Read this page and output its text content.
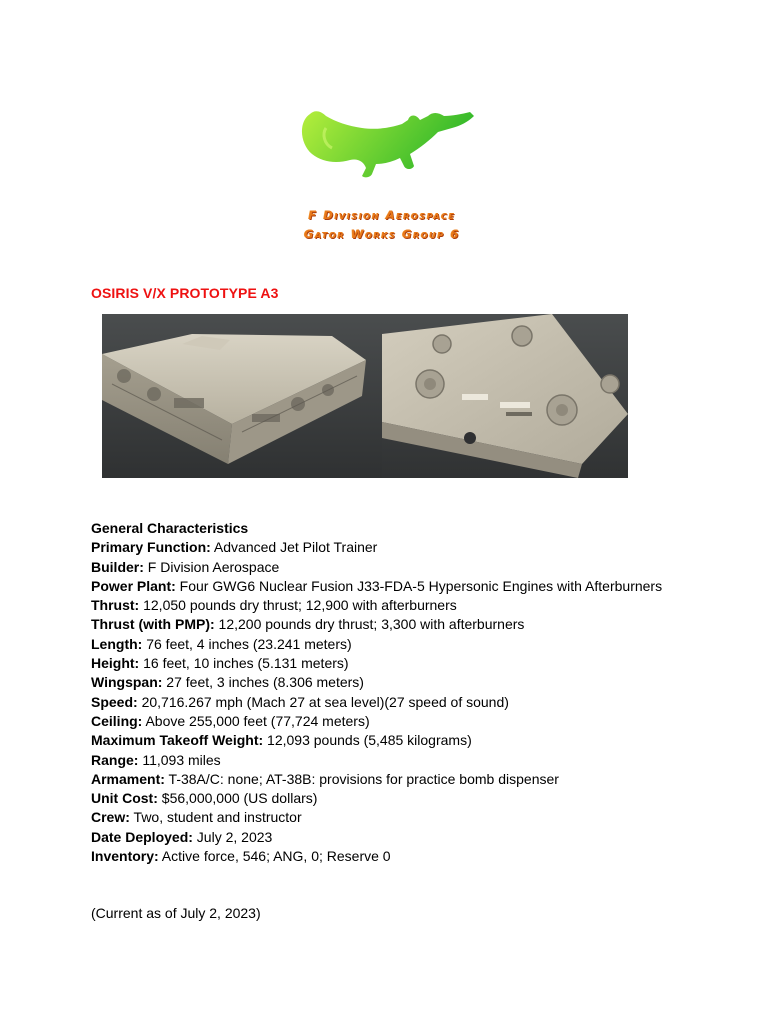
F Division Aerospace
Gator Works Group 6
OSIRIS V/X PROTOTYPE A3
General Characteristics
Primary Function: Advanced Jet Pilot Trainer
Builder: F Division Aerospace
Power Plant: Four GWG6 Nuclear Fusion J33-FDA-5 Hypersonic Engines with Afterburners
Thrust: 12,050 pounds dry thrust; 12,900 with afterburners
Thrust (with PMP): 12,200 pounds dry thrust; 3,300 with afterburners
Length: 76 feet, 4 inches (23.241 meters)
Height: 16 feet, 10 inches (5.131 meters)
Wingspan: 27 feet, 3 inches (8.306 meters)
Speed: 20,716.267 mph (Mach 27 at sea level)(27 speed of sound)
Ceiling: Above 255,000 feet (77,724 meters)
Maximum Takeoff Weight: 12,093 pounds (5,485 kilograms)
Range: 11,093 miles
Armament: T-38A/C: none; AT-38B: provisions for practice bomb dispenser
Unit Cost: $56,000,000 (US dollars)
Crew: Two, student and instructor
Date Deployed: July 2, 2023
Inventory: Active force, 546; ANG, 0; Reserve 0
(Current as of July 2, 2023)
